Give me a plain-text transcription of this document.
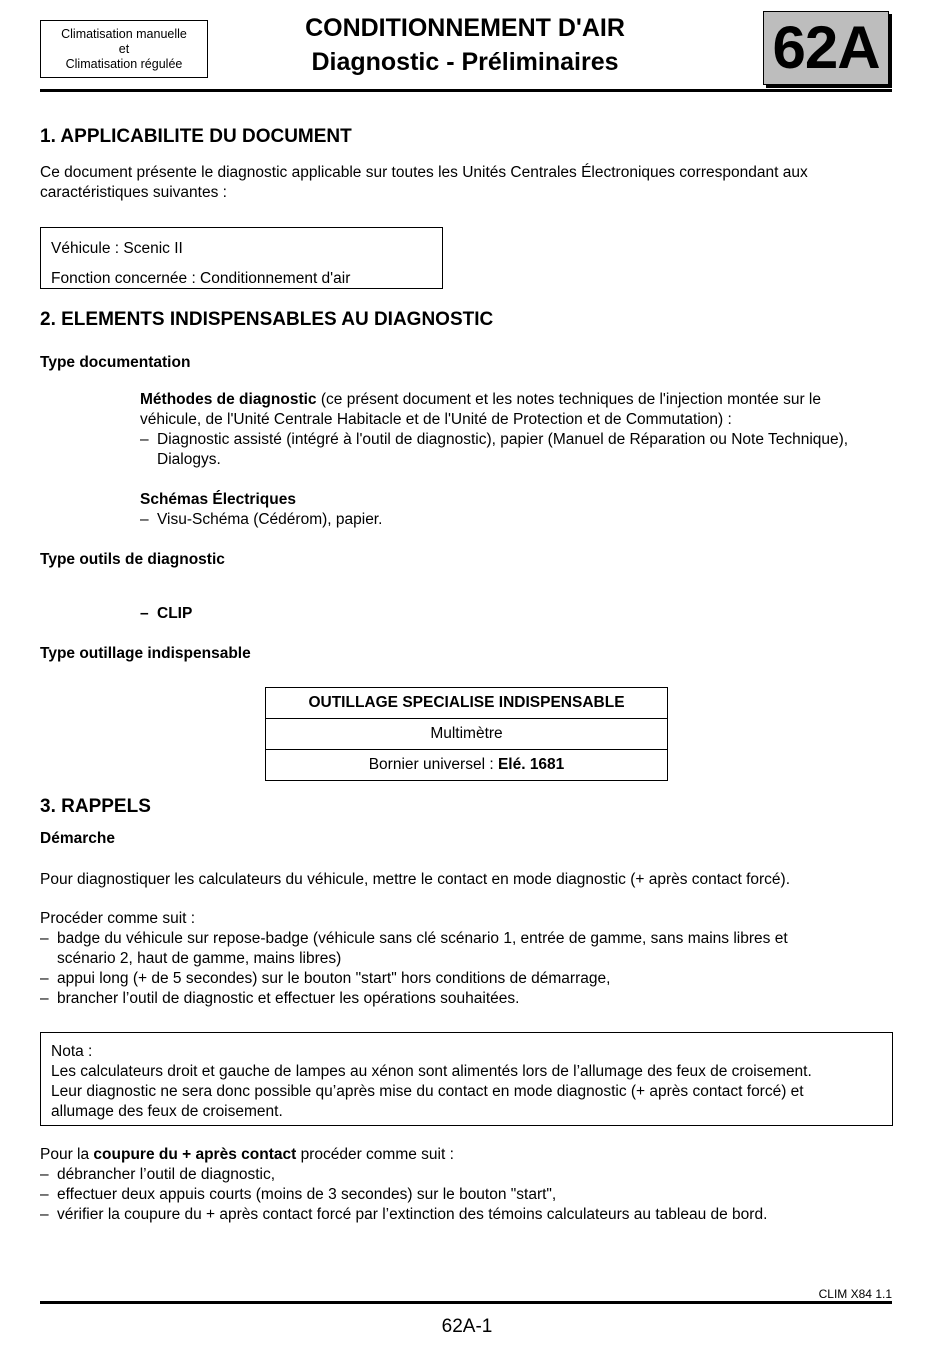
Climatisation manuelle
et
Climatisation régulée
CONDITIONNEMENT D'AIR
Diagnostic - Préliminaires	62A
1. APPLICABILITE DU DOCUMENT

Ce document présente le diagnostic applicable sur toutes les Unités Centrales Électroniques correspondant aux

caractéristiques suivantes :

Véhicule : Scenic II
Fonction concernée : Conditionnement d'air
2. ELEMENTS INDISPENSABLES AU DIAGNOSTIC
Type documentation

Méthodes de diagnostic (ce présent document et les notes techniques de l'injection montée sur le

véhicule, de l'Unité Centrale Habitacle et de l'Unité de Protection et de Commutation) :

– Diagnostic assisté (intégré à l'outil de diagnostic), papier (Manuel de Réparation ou Note Technique),

Dialogys.

Schémas Électriques

– Visu-Schéma (Cédérom), papier.
Type outils de diagnostic
– CLIP
Type outillage indispensable
OUTILLAGE SPECIALISE INDISPENSABLE
Multimètre
Bornier universel : Elé. 1681
3. RAPPELS
Démarche
Pour diagnostiquer les calculateurs du véhicule, mettre le contact en mode diagnostic (+ après contact forcé).

Procéder comme suit :

– badge du véhicule sur repose-badge (véhicule sans clé scénario 1, entrée de gamme, sans mains libres et

scénario 2, haut de gamme, mains libres)

– appui long (+ de 5 secondes) sur le bouton "start" hors conditions de démarrage,
– brancher l’outil de diagnostic et effectuer les opérations souhaitées.

Nota :

Les calculateurs droit et gauche de lampes au xénon sont alimentés lors de l’allumage des feux de croisement.

Leur diagnostic ne sera donc possible qu’après mise du contact en mode diagnostic (+ après contact forcé) et

allumage des feux de croisement.

Pour la coupure du + après contact procéder comme suit :

– débrancher l’outil de diagnostic,
– effectuer deux appuis courts (moins de 3 secondes) sur le bouton "start",
– vérifier la coupure du + après contact forcé par l’extinction des témoins calculateurs au tableau de bord.
CLIM X84 1.1
62A-1
